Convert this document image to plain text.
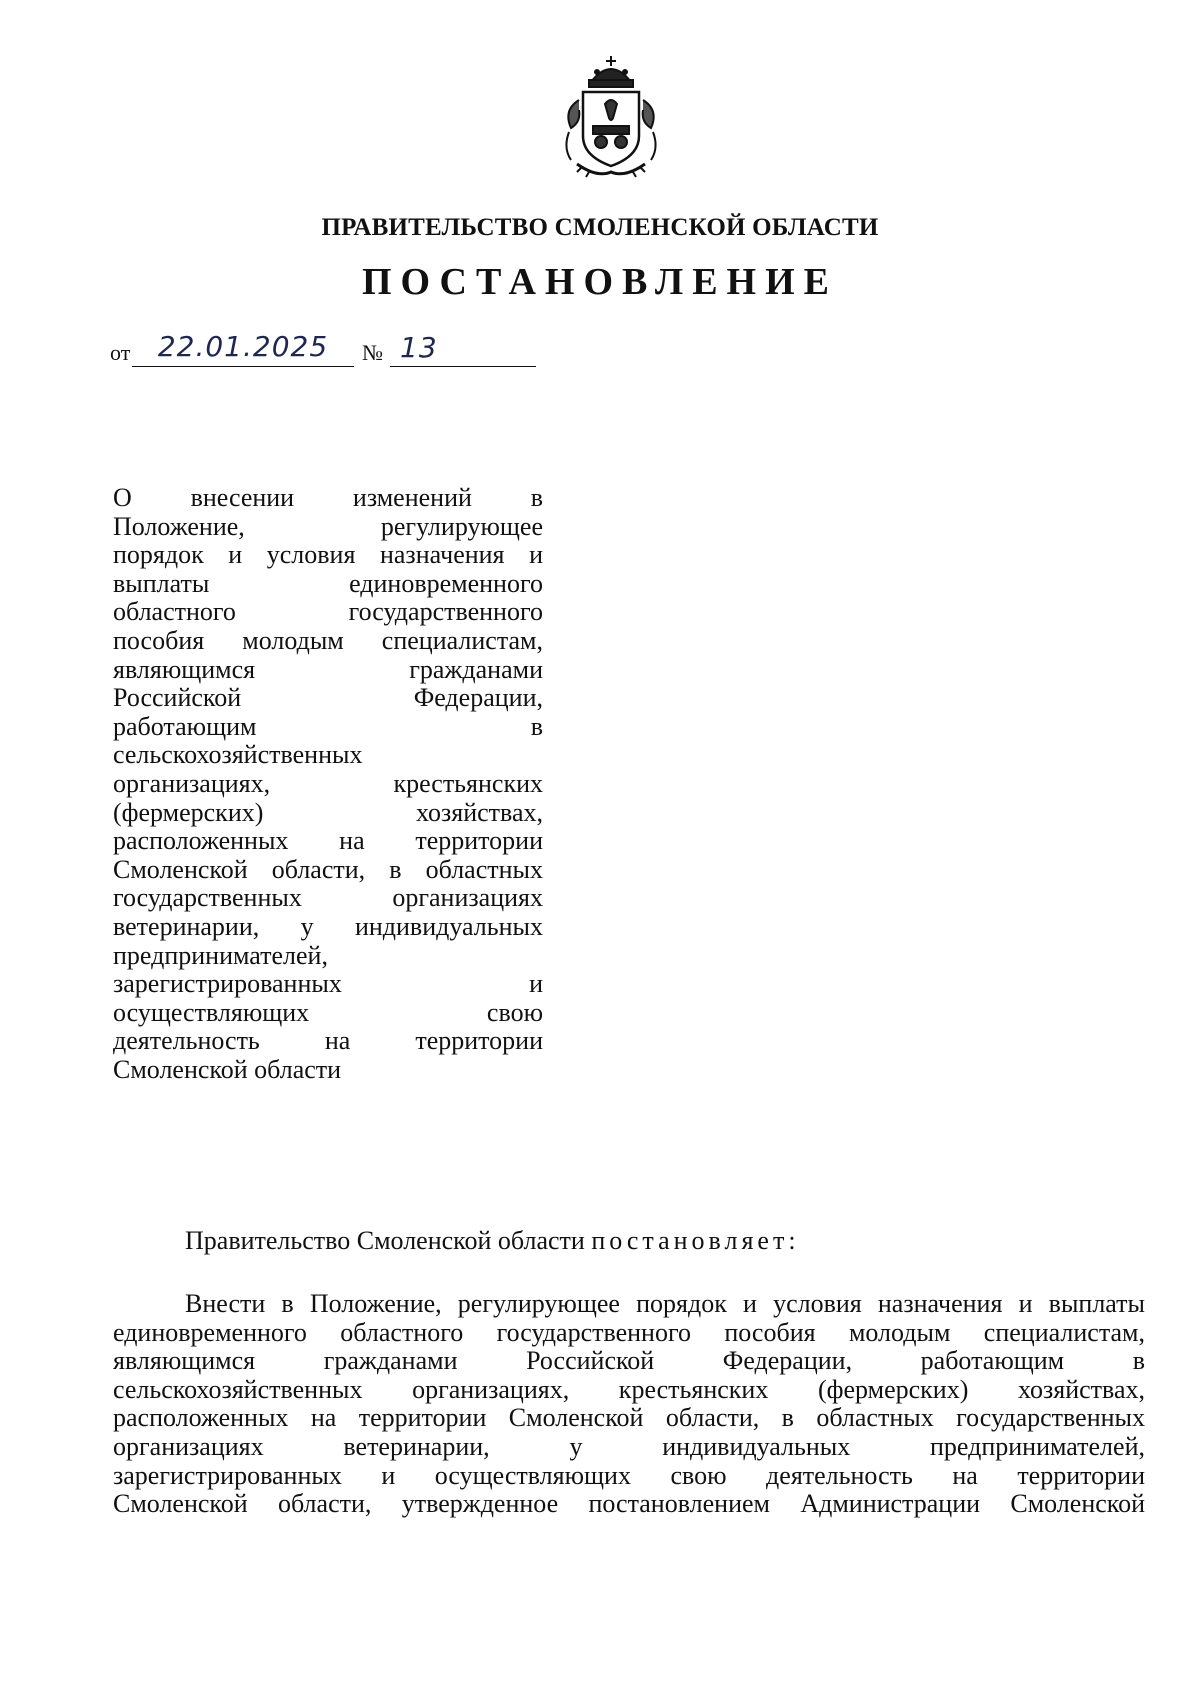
ПРАВИТЕЛЬСТВО СМОЛЕНСКОЙ ОБЛАСТИ
ПОСТАНОВЛЕНИЕ
от 22.01.2025	№ 13
О внесении изменений в
Положение, регулирующее
порядок и условия назначения и
выплаты единовременного
областного государственного
пособия молодым специалистам,
являющимся гражданами
Российской Федерации,
работающим в
сельскохозяйственных
организациях, крестьянских
(фермерских) хозяйствах,
расположенных на территории
Смоленской области, в областных
государственных организациях
ветеринарии, у индивидуальных
предпринимателей,
зарегистрированных и
осуществляющих свою
деятельность на территории
Смоленской области
Правительство Смоленской области постановляет:
Внести в Положение, регулирующее порядок и условия назначения и выплаты
единовременного областного государственного пособия молодым специалистам,
являющимся гражданами Российской Федерации, работающим в
сельскохозяйственных организациях, крестьянских (фермерских) хозяйствах,
расположенных на территории Смоленской области, в областных государственных
организациях ветеринарии, у индивидуальных предпринимателей,
зарегистрированных и осуществляющих свою деятельность на территории
Смоленской области, утвержденное постановлением Администрации Смоленской
